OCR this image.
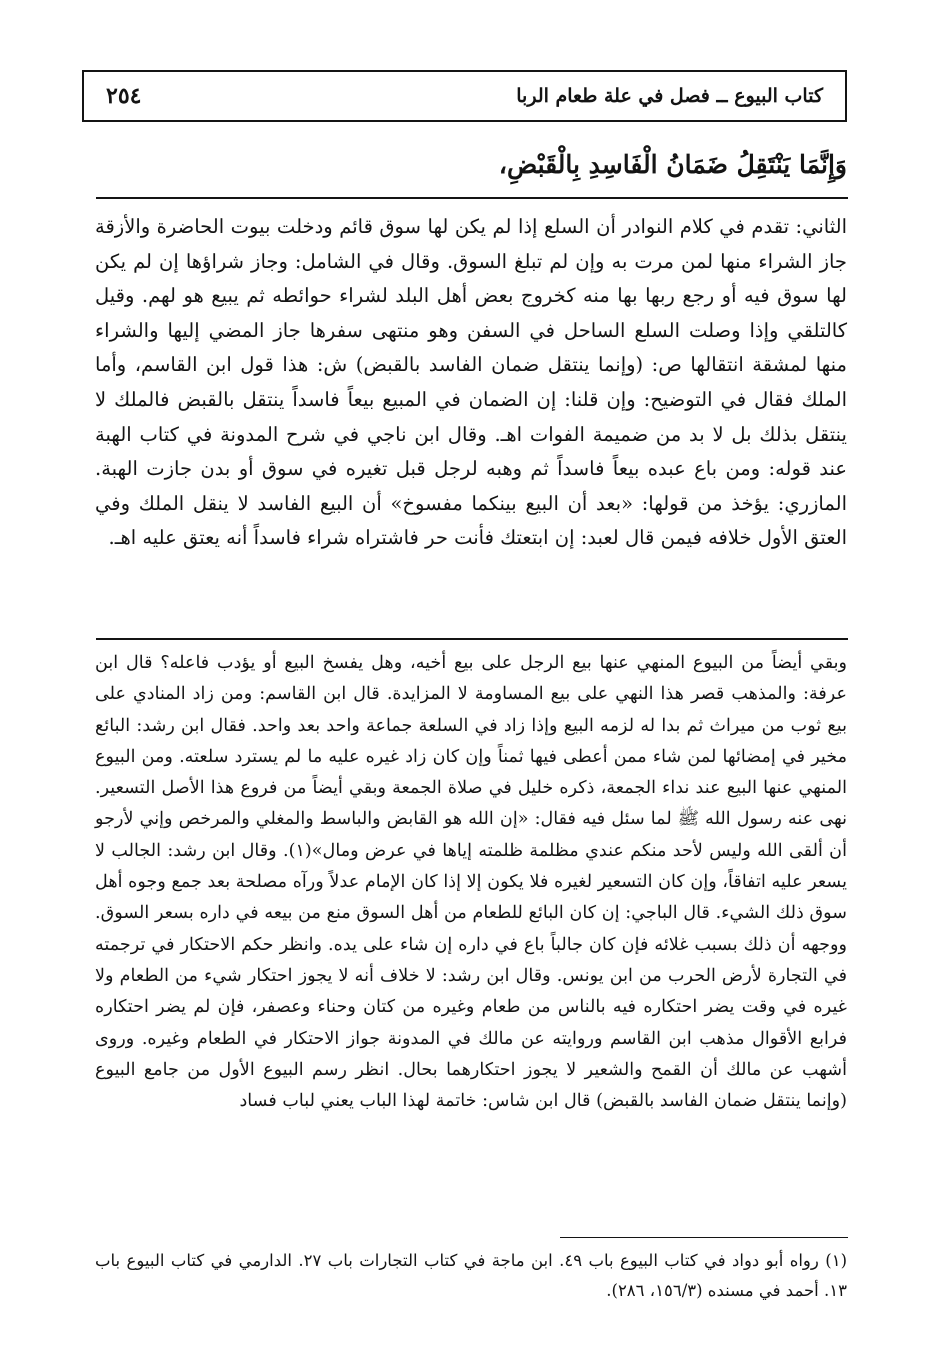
كتاب البيوع ــ فصل في علة طعام الربا
٢٥٤
وَإِنَّمَا يَنْتَقِلُ ضَمَانُ الْفَاسِدِ بِالْقَبْضِ،

الثاني: تقدم في كلام النوادر أن السلع إذا لم يكن لها سوق قائم ودخلت بيوت الحاضرة والأزقة جاز الشراء منها لمن مرت به وإن لم تبلغ السوق. وقال في الشامل: وجاز شراؤها إن لم يكن لها سوق فيه أو رجع ربها بها منه كخروج بعض أهل البلد لشراء حوائطه ثم يبيع هو لهم. وقيل كالتلقي وإذا وصلت السلع الساحل في السفن وهو منتهى سفرها جاز المضي إليها والشراء منها لمشقة انتقالها ص: (وإنما ينتقل ضمان الفاسد بالقبض) ش: هذا قول ابن القاسم، وأما الملك فقال في التوضيح: وإن قلنا: إن الضمان في المبيع بيعاً فاسداً ينتقل بالقبض فالملك لا ينتقل بذلك بل لا بد من ضميمة الفوات اهـ. وقال ابن ناجي في شرح المدونة في كتاب الهبة عند قوله: ومن باع عبده بيعاً فاسداً ثم وهبه لرجل قبل تغيره في سوق أو بدن جازت الهبة. المازري: يؤخذ من قولها: «بعد أن البيع بينكما مفسوخ» أن البيع الفاسد لا ينقل الملك وفي العتق الأول خلافه فيمن قال لعبد: إن ابتعتك فأنت حر فاشتراه شراء فاسداً أنه يعتق عليه اهـ.

وبقي أيضاً من البيوع المنهي عنها بيع الرجل على بيع أخيه، وهل يفسخ البيع أو يؤدب فاعله؟ قال ابن عرفة: والمذهب قصر هذا النهي على بيع المساومة لا المزايدة. قال ابن القاسم: ومن زاد المنادي على بيع ثوب من ميراث ثم بدا له لزمه البيع وإذا زاد في السلعة جماعة واحد بعد واحد. فقال ابن رشد: البائع مخير في إمضائها لمن شاء ممن أعطى فيها ثمناً وإن كان زاد غيره عليه ما لم يسترد سلعته. ومن البيوع المنهي عنها البيع عند نداء الجمعة، ذكره خليل في صلاة الجمعة وبقي أيضاً من فروع هذا الأصل التسعير. نهى عنه رسول الله ﷺ لما سئل فيه فقال: «إن الله هو القابض والباسط والمغلي والمرخص وإني لأرجو أن ألقى الله وليس لأحد منكم عندي مظلمة ظلمته إياها في عرض ومال»(١). وقال ابن رشد: الجالب لا يسعر عليه اتفاقاً، وإن كان التسعير لغيره فلا يكون إلا إذا كان الإمام عدلاً ورآه مصلحة بعد جمع وجوه أهل سوق ذلك الشيء. قال الباجي: إن كان البائع للطعام من أهل السوق منع من بيعه في داره بسعر السوق. ووجهه أن ذلك بسبب غلائه فإن كان جالباً باع في داره إن شاء على يده. وانظر حكم الاحتكار في ترجمته في التجارة لأرض الحرب من ابن يونس. وقال ابن رشد: لا خلاف أنه لا يجوز احتكار شيء من الطعام ولا غيره في وقت يضر احتكاره فيه بالناس من طعام وغيره من كتان وحناء وعصفر، فإن لم يضر احتكاره فرابع الأقوال مذهب ابن القاسم وروايته عن مالك في المدونة جواز الاحتكار في الطعام وغيره. وروى أشهب عن مالك أن القمح والشعير لا يجوز احتكارهما بحال. انظر رسم البيوع الأول من جامع البيوع (وإنما ينتقل ضمان الفاسد بالقبض) قال ابن شاس: خاتمة لهذا الباب يعني لباب فساد

(١) رواه أبو دواد في كتاب البيوع باب ٤٩. ابن ماجة في كتاب التجارات باب ٢٧. الدارمي في كتاب البيوع باب ١٣. أحمد في مسنده (١٥٦/٣، ٢٨٦).
